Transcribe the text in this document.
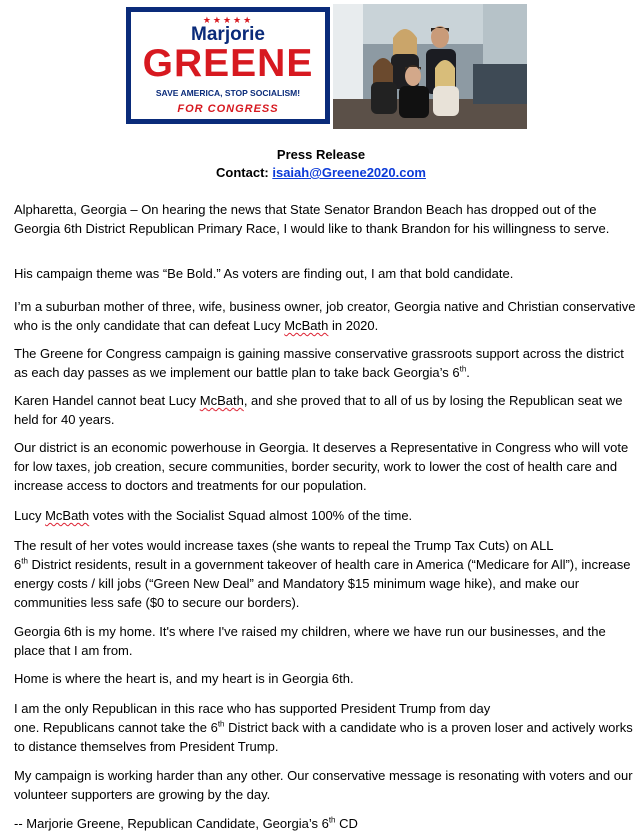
★★★★★
Marjorie
GREENE
SAVE AMERICA, STOP SOCIALISM!
FOR CONGRESS
Press Release
Contact: isaiah@Greene2020.com

Alpharetta, Georgia – On hearing the news that State Senator Brandon Beach has dropped out of the Georgia 6th District Republican Primary Race, I would like to thank Brandon for his willingness to serve.

His campaign theme was “Be Bold.” As voters are finding out, I am that bold candidate.

I’m a suburban mother of three, wife, business owner, job creator, Georgia native and Christian conservative who is the only candidate that can defeat Lucy McBath in 2020.

The Greene for Congress campaign is gaining massive conservative grassroots support across the district as each day passes as we implement our battle plan to take back Georgia’s 6th.

Karen Handel cannot beat Lucy McBath, and she proved that to all of us by losing the Republican seat we held for 40 years.

Our district is an economic powerhouse in Georgia. It deserves a Representative in Congress who will vote for low taxes, job creation, secure communities, border security, work to lower the cost of health care and increase access to doctors and treatments for our population.

Lucy McBath votes with the Socialist Squad almost 100% of the time.

The result of her votes would increase taxes (she wants to repeal the Trump Tax Cuts) on ALL
6th District residents, result in a government takeover of health care in America (“Medicare for All”), increase energy costs / kill jobs (“Green New Deal” and Mandatory $15 minimum wage hike), and make our communities less safe ($0 to secure our borders).

Georgia 6th is my home. It's where I've raised my children, where we have run our businesses, and the place that I am from.

Home is where the heart is, and my heart is in Georgia 6th.

I am the only Republican in this race who has supported President Trump from day
one. Republicans cannot take the 6th District back with a candidate who is a proven loser and actively works to distance themselves from President Trump.

My campaign is working harder than any other. Our conservative message is resonating with voters and our volunteer supporters are growing by the day.

-- Marjorie Greene, Republican Candidate, Georgia’s 6th CD
